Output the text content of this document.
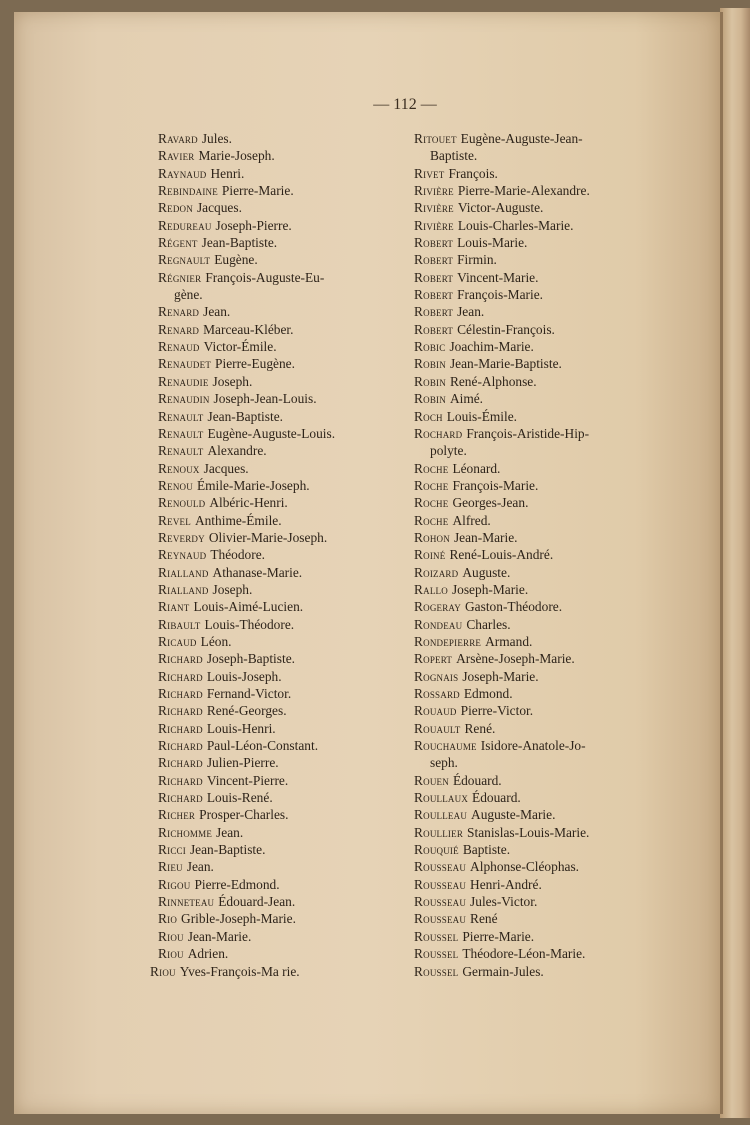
— 112 —
Ravard Jules.
Ravier Marie-Joseph.
Raynaud Henri.
Rebindaine Pierre-Marie.
Redon Jacques.
Redureau Joseph-Pierre.
Régent Jean-Baptiste.
Regnault Eugène.
Régnier François-Auguste-Eu-
gène.
Renard Jean.
Renard Marceau-Kléber.
Renaud Victor-Émile.
Renaudet Pierre-Eugène.
Renaudie Joseph.
Renaudin Joseph-Jean-Louis.
Renault Jean-Baptiste.
Renault Eugène-Auguste-Louis.
Renault Alexandre.
Renoux Jacques.
Renou Émile-Marie-Joseph.
Renould Albéric-Henri.
Revel Anthime-Émile.
Reverdy Olivier-Marie-Joseph.
Reynaud Théodore.
Rialland Athanase-Marie.
Rialland Joseph.
Riant Louis-Aimé-Lucien.
Ribault Louis-Théodore.
Ricaud Léon.
Richard Joseph-Baptiste.
Richard Louis-Joseph.
Richard Fernand-Victor.
Richard René-Georges.
Richard Louis-Henri.
Richard Paul-Léon-Constant.
Richard Julien-Pierre.
Richard Vincent-Pierre.
Richard Louis-René.
Richer Prosper-Charles.
Richomme Jean.
Ricci Jean-Baptiste.
Rieu Jean.
Rigou Pierre-Edmond.
Rinneteau Édouard-Jean.
Rio Grible-Joseph-Marie.
Riou Jean-Marie.
Riou Adrien.
Riou Yves-François-Ma rie.
Ritouet Eugène-Auguste-Jean-
Baptiste.
Rivet François.
Rivière Pierre-Marie-Alexandre.
Rivière Victor-Auguste.
Rivière Louis-Charles-Marie.
Robert Louis-Marie.
Robert Firmin.
Robert Vincent-Marie.
Robert François-Marie.
Robert Jean.
Robert Célestin-François.
Robic Joachim-Marie.
Robin Jean-Marie-Baptiste.
Robin René-Alphonse.
Robin Aimé.
Roch Louis-Émile.
Rochard François-Aristide-Hip-
polyte.
Roche Léonard.
Roche François-Marie.
Roche Georges-Jean.
Roche Alfred.
Rohon Jean-Marie.
Roiné René-Louis-André.
Roizard Auguste.
Rallo Joseph-Marie.
Rogeray Gaston-Théodore.
Rondeau Charles.
Rondepierre Armand.
Ropert Arsène-Joseph-Marie.
Rognais Joseph-Marie.
Rossard Edmond.
Rouaud Pierre-Victor.
Rouault René.
Rouchaume Isidore-Anatole-Jo-
seph.
Rouen Édouard.
Roullaux Édouard.
Roulleau Auguste-Marie.
Roullier Stanislas-Louis-Marie.
Rouquié Baptiste.
Rousseau Alphonse-Cléophas.
Rousseau Henri-André.
Rousseau Jules-Victor.
Rousseau René
Roussel Pierre-Marie.
Roussel Théodore-Léon-Marie.
Roussel Germain-Jules.
